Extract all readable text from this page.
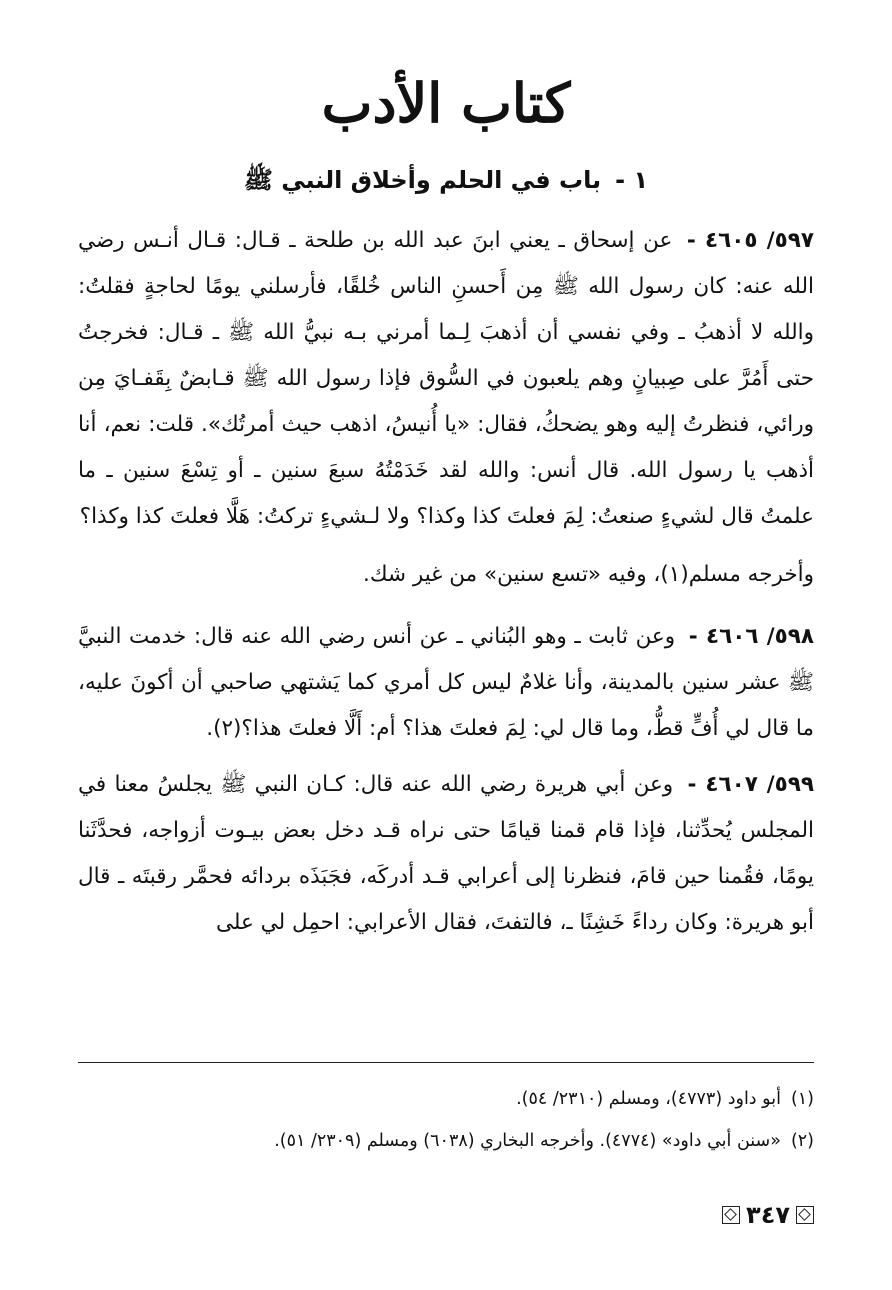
كتاب الأدب
١ -باب في الحلم وأخلاق النبي ﷺ

٥٩٧/ ٤٦٠٥ - عن إسحاق ـ يعني ابنَ عبد الله بن طلحة ـ قـال: قـال أنـس رضي الله عنه: كان رسول الله ﷺ مِن أَحسنِ الناس خُلقًا، فأرسلني يومًا لحاجةٍ فقلتُ: والله لا أذهبُ ـ وفي نفسي أن أذهبَ لِـما أمرني بـه نبيُّ الله ﷺ ـ قـال: فخرجتُ حتى أَمُرَّ على صِبيانٍ وهم يلعبون في السُّوق فإذا رسول الله ﷺ قـابضٌ بِقَفـايَ مِن ورائي، فنظرتُ إليه وهو يضحكُ، فقال: «يا أُنيسُ، اذهب حيث أمرتُك». قلت: نعم، أنا أذهب يا رسول الله. قال أنس: والله لقد خَدَمْتُهُ سبعَ سنين ـ أو تِسْعَ سنين ـ ما علمتُ قال لشيءٍ صنعتُ: لِمَ فعلتَ كذا وكذا؟ ولا لـشيءٍ تركتُ: هَلَّا فعلتَ كذا وكذا؟

وأخرجه مسلم(١)، وفيه «تسع سنين» من غير شك.

٥٩٨/ ٤٦٠٦ - وعن ثابت ـ وهو البُناني ـ عن أنس رضي الله عنه قال: خدمت النبيَّ ﷺ عشر سنين بالمدينة، وأنا غلامٌ ليس كل أمري كما يَشتهي صاحبي أن أكونَ عليه، ما قال لي أُفٍّ قطُّ، وما قال لي: لِمَ فعلتَ هذا؟ أم: أَلَّا فعلتَ هذا؟(٢).

٥٩٩/ ٤٦٠٧ - وعن أبي هريرة رضي الله عنه قال: كـان النبي ﷺ يجلسُ معنا في المجلس يُحدِّثنا، فإذا قام قمنا قيامًا حتى نراه قـد دخل بعض بيـوت أزواجه، فحدَّثَنا يومًا، فقُمنا حين قامَ، فنظرنا إلى أعرابي قـد أدركَه، فجَبَذَه بردائه فحمَّر رقبتَه ـ قال أبو هريرة: وكان رداءً خَشِنًا ـ، فالتفتَ، فقال الأعرابي: احمِل لي على

(١)أبو داود (٤٧٧٣)، ومسلم (٢٣١٠/ ٥٤).

(٢)«سنن أبي داود» (٤٧٧٤). وأخرجه البخاري (٦٠٣٨) ومسلم (٢٣٠٩/ ٥١).

٣٤٧
